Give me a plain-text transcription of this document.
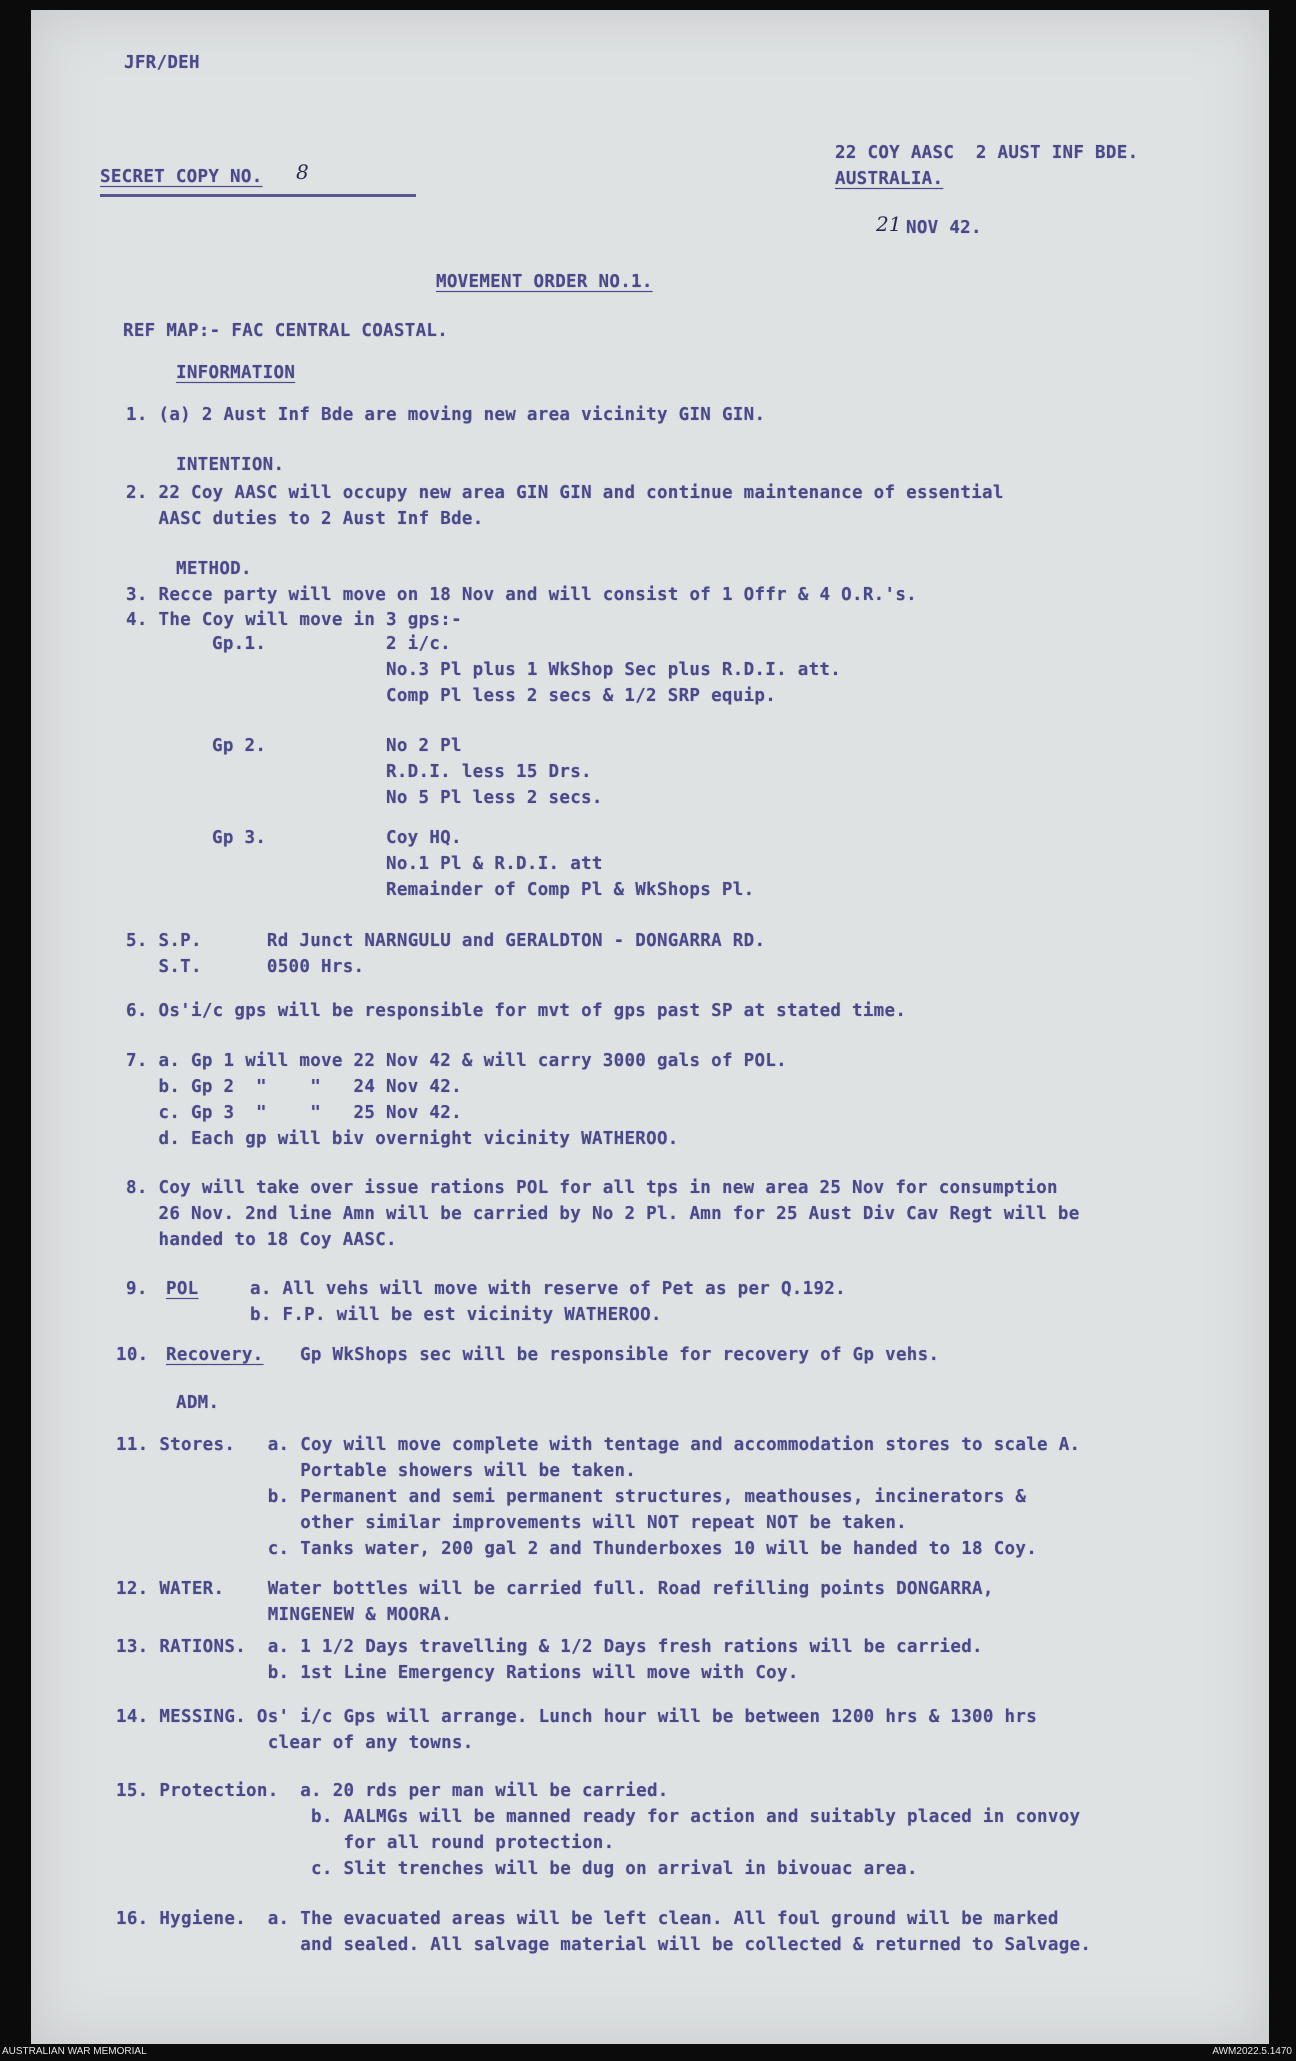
JFR/DEH
SECRET COPY NO. 8
22 COY AASC  2 AUST INF BDE.
AUSTRALIA.
21 NOV 42.
MOVEMENT ORDER NO.1.
REF MAP:- FAC CENTRAL COASTAL.
INFORMATION
1. (a) 2 Aust Inf Bde are moving new area vicinity GIN GIN.
INTENTION.
2. 22 Coy AASC will occupy new area GIN GIN and continue maintenance of essential
AASC duties to 2 Aust Inf Bde.
METHOD.
3. Recce party will move on 18 Nov and will consist of 1 Offr & 4 O.R.'s.
4. The Coy will move in 3 gps:-
Gp.1.	2 i/c.
No.3 Pl plus 1 WkShop Sec plus R.D.I. att.
Comp Pl less 2 secs & 1/2 SRP equip.
Gp 2.	No 2 Pl
R.D.I. less 15 Drs.
No 5 Pl less 2 secs.
Gp 3.	Coy HQ.
No.1 Pl & R.D.I. att
Remainder of Comp Pl & WkShops Pl.
5. S.P.      Rd Junct NARNGULU and GERALDTON - DONGARRA RD.
S.T.      0500 Hrs.
6. Os'i/c gps will be responsible for mvt of gps past SP at stated time.
7. a. Gp 1 will move 22 Nov 42 & will carry 3000 gals of POL.
b. Gp 2  "    "   24 Nov 42.
c. Gp 3  "    "   25 Nov 42.
d. Each gp will biv overnight vicinity WATHEROO.
8. Coy will take over issue rations POL for all tps in new area 25 Nov for consumption
26 Nov. 2nd line Amn will be carried by No 2 Pl. Amn for 25 Aust Div Cav Regt will be
handed to 18 Coy AASC.
9. POL	a. All vehs will move with reserve of Pet as per Q.192.
b. F.P. will be est vicinity WATHEROO.
10. Recovery. Gp WkShops sec will be responsible for recovery of Gp vehs.
ADM.
11. Stores.   a. Coy will move complete with tentage and accommodation stores to scale A.
Portable showers will be taken.
b. Permanent and semi permanent structures, meathouses, incinerators &
other similar improvements will NOT repeat NOT be taken.
c. Tanks water, 200 gal 2 and Thunderboxes 10 will be handed to 18 Coy.
12. WATER.    Water bottles will be carried full. Road refilling points DONGARRA,
MINGENEW & MOORA.
13. RATIONS.  a. 1 1/2 Days travelling & 1/2 Days fresh rations will be carried.
b. 1st Line Emergency Rations will move with Coy.
14. MESSING. Os' i/c Gps will arrange. Lunch hour will be between 1200 hrs & 1300 hrs
clear of any towns.
15. Protection.  a. 20 rds per man will be carried.
b. AALMGs will be manned ready for action and suitably placed in convoy
for all round protection.
c. Slit trenches will be dug on arrival in bivouac area.
16. Hygiene.  a. The evacuated areas will be left clean. All foul ground will be marked
and sealed. All salvage material will be collected & returned to Salvage.
AUSTRALIAN WAR MEMORIAL	AWM2022.5.1470
